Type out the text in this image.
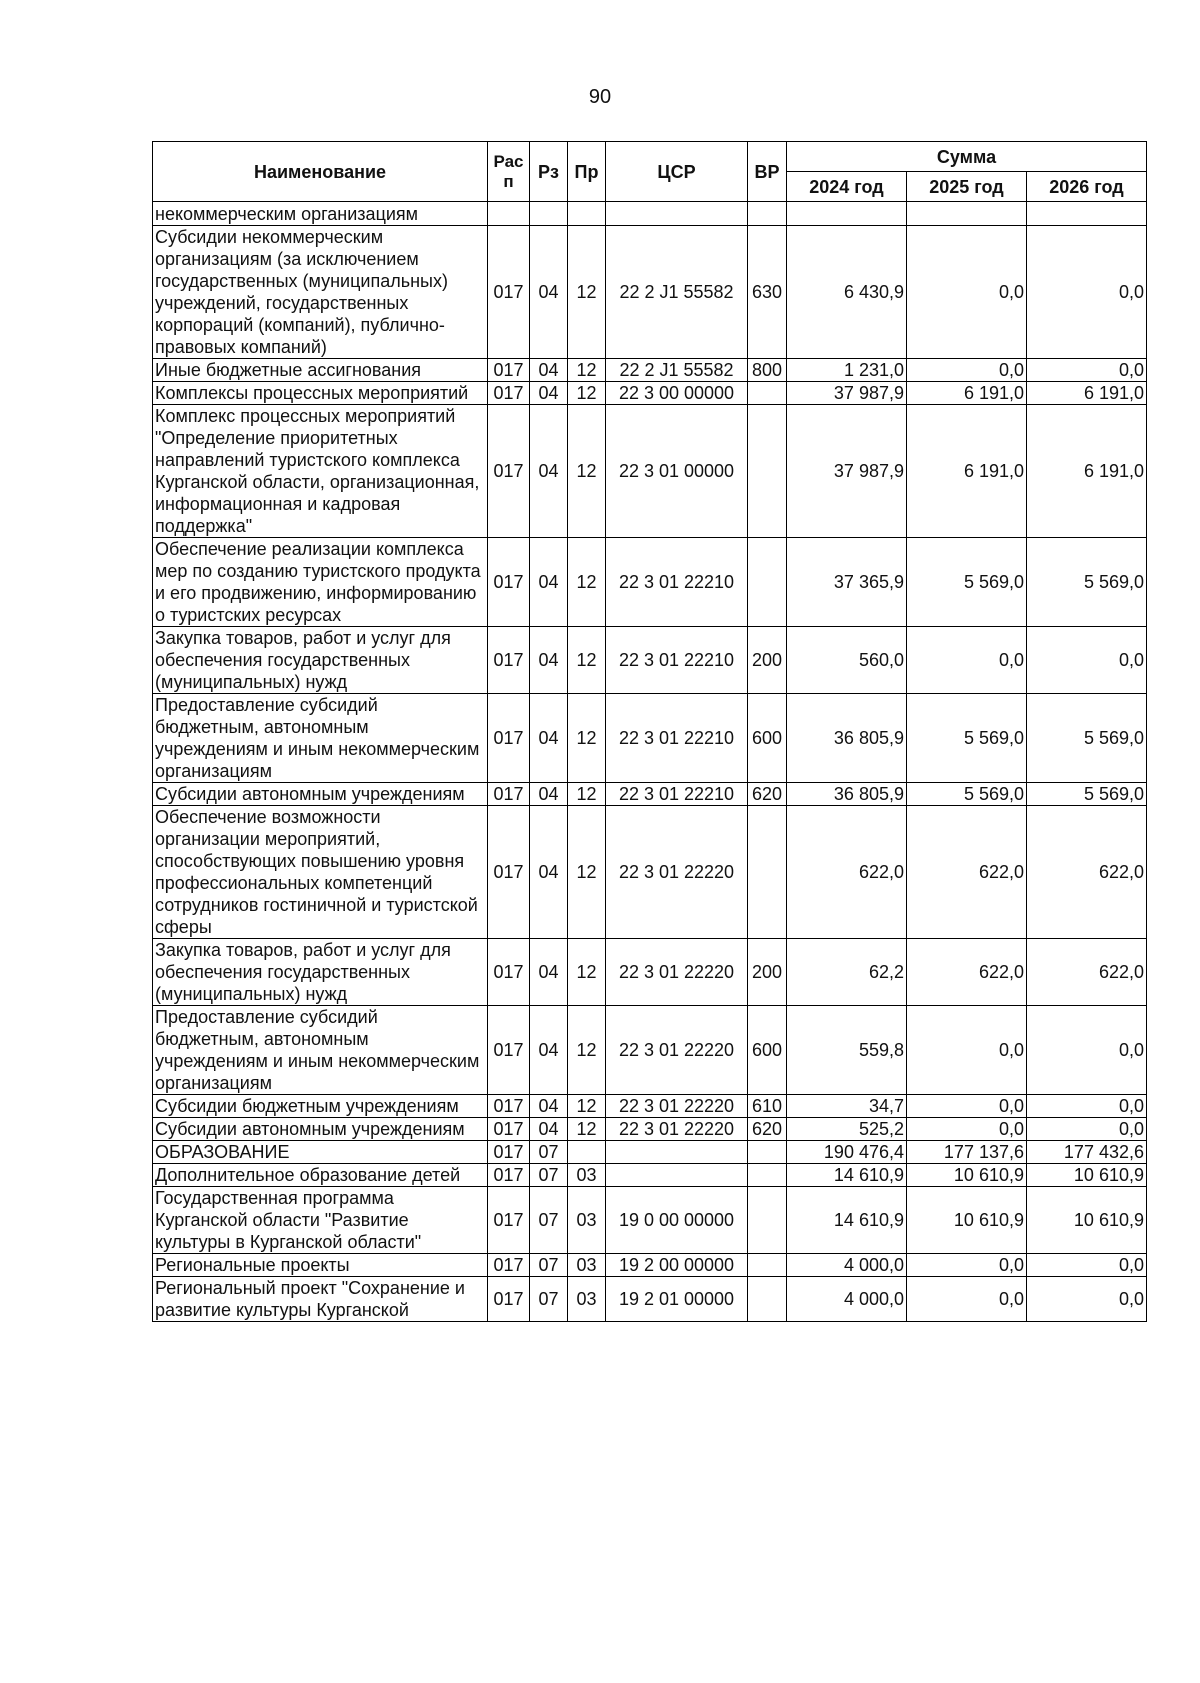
90
Наименование	Рас п	Рз	Пр	ЦСР	ВР	Сумма		
						2024 год	2025 год	2026 год
некоммерческим организациям								
Субсидии некоммерческим организациям (за исключением государственных (муниципальных) учреждений, государственных корпораций (компаний), публично-правовых компаний)	017	04	12	22 2 J1 55582	630	6 430,9	0,0	0,0
Иные бюджетные ассигнования	017	04	12	22 2 J1 55582	800	1 231,0	0,0	0,0
Комплексы процессных мероприятий	017	04	12	22 3 00 00000		37 987,9	6 191,0	6 191,0
Комплекс процессных мероприятий "Определение приоритетных направлений туристского комплекса Курганской области, организационная, информационная и кадровая поддержка"	017	04	12	22 3 01 00000		37 987,9	6 191,0	6 191,0
Обеспечение реализации комплекса мер по созданию туристского продукта и его продвижению, информированию о туристских ресурсах	017	04	12	22 3 01 22210		37 365,9	5 569,0	5 569,0
Закупка товаров, работ и услуг для обеспечения государственных (муниципальных) нужд	017	04	12	22 3 01 22210	200	560,0	0,0	0,0
Предоставление субсидий бюджетным, автономным учреждениям и иным некоммерческим организациям	017	04	12	22 3 01 22210	600	36 805,9	5 569,0	5 569,0
Субсидии автономным учреждениям	017	04	12	22 3 01 22210	620	36 805,9	5 569,0	5 569,0
Обеспечение возможности организации мероприятий, способствующих повышению уровня профессиональных компетенций сотрудников гостиничной и туристской сферы	017	04	12	22 3 01 22220		622,0	622,0	622,0
Закупка товаров, работ и услуг для обеспечения государственных (муниципальных) нужд	017	04	12	22 3 01 22220	200	62,2	622,0	622,0
Предоставление субсидий бюджетным, автономным учреждениям и иным некоммерческим организациям	017	04	12	22 3 01 22220	600	559,8	0,0	0,0
Субсидии бюджетным учреждениям	017	04	12	22 3 01 22220	610	34,7	0,0	0,0
Субсидии автономным учреждениям	017	04	12	22 3 01 22220	620	525,2	0,0	0,0
ОБРАЗОВАНИЕ	017	07				190 476,4	177 137,6	177 432,6
Дополнительное образование детей	017	07	03			14 610,9	10 610,9	10 610,9
Государственная программа Курганской области "Развитие культуры в Курганской области"	017	07	03	19 0 00 00000		14 610,9	10 610,9	10 610,9
Региональные проекты	017	07	03	19 2 00 00000		4 000,0	0,0	0,0
Региональный проект "Сохранение и развитие культуры Курганской	017	07	03	19 2 01 00000		4 000,0	0,0	0,0
